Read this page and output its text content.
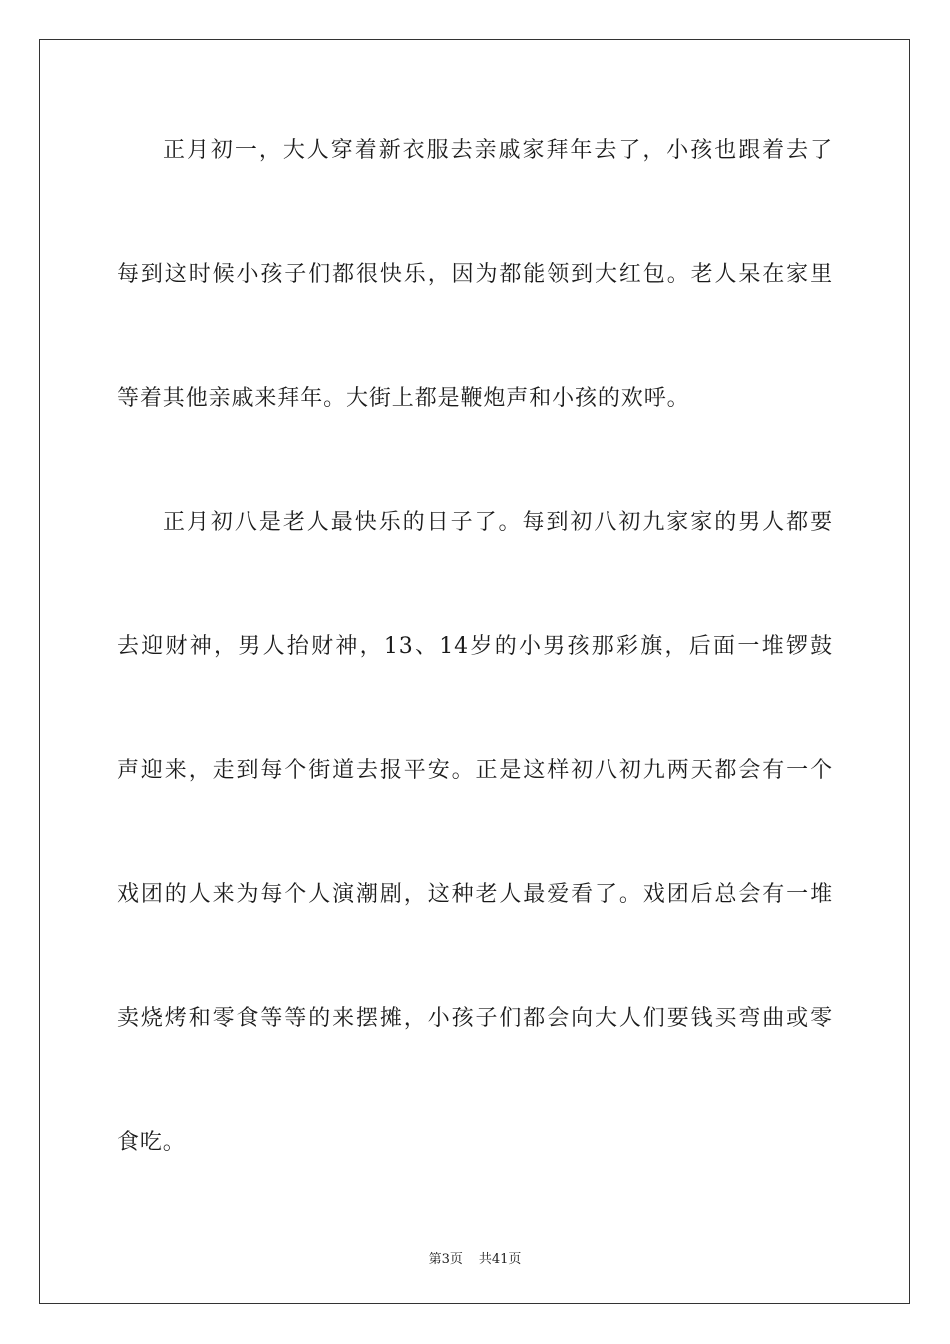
正月初一，大人穿着新衣服去亲戚家拜年去了，小孩也跟着去了
每到这时候小孩子们都很快乐，因为都能领到大红包。老人呆在家里
等着其他亲戚来拜年。大街上都是鞭炮声和小孩的欢呼。
正月初八是老人最快乐的日子了。每到初八初九家家的男人都要
去迎财神，男人抬财神，13、14岁的小男孩那彩旗，后面一堆锣鼓
声迎来，走到每个街道去报平安。正是这样初八初九两天都会有一个
戏团的人来为每个人演潮剧，这种老人最爱看了。戏团后总会有一堆
卖烧烤和零食等等的来摆摊，小孩子们都会向大人们要钱买弯曲或零
食吃。
第3页 共41页
